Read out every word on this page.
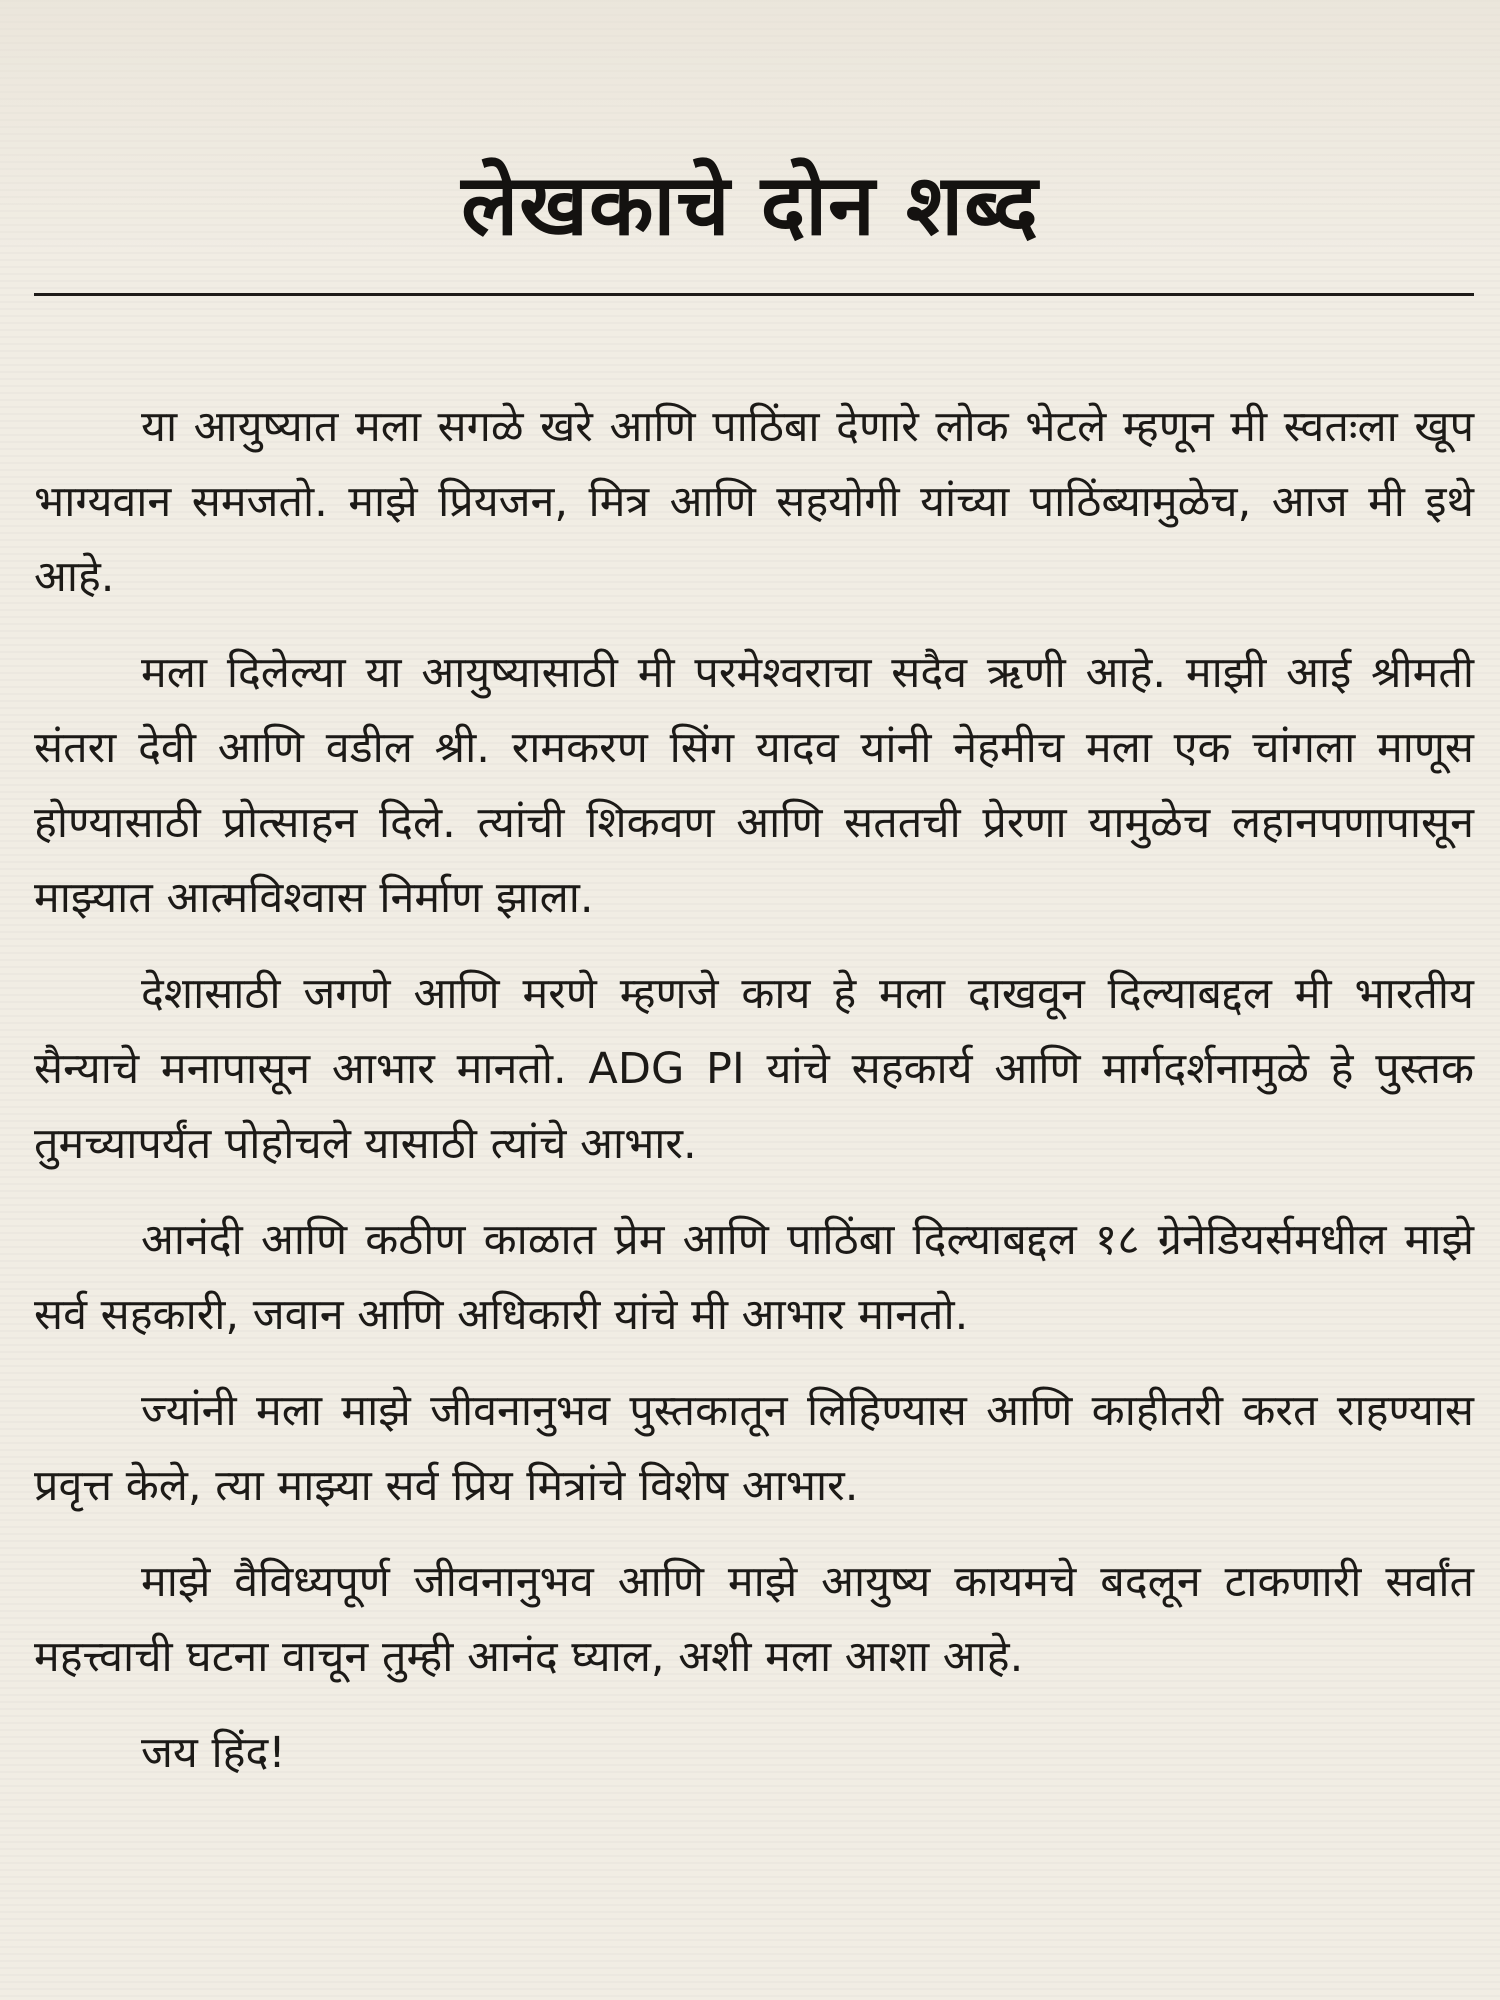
लेखकाचे दोन शब्द

या आयुष्यात मला सगळे खरे आणि पाठिंबा देणारे लोक भेटले म्हणून मी स्वतःला खूप भाग्यवान समजतो. माझे प्रियजन, मित्र आणि सहयोगी यांच्या पाठिंब्यामुळेच, आज मी इथे आहे.

मला दिलेल्या या आयुष्यासाठी मी परमेश्वराचा सदैव ऋणी आहे. माझी आई श्रीमती संतरा देवी आणि वडील श्री. रामकरण सिंग यादव यांनी नेहमीच मला एक चांगला माणूस होण्यासाठी प्रोत्साहन दिले. त्यांची शिकवण आणि सततची प्रेरणा यामुळेच लहानपणापासून माझ्यात आत्मविश्वास निर्माण झाला.

देशासाठी जगणे आणि मरणे म्हणजे काय हे मला दाखवून दिल्याबद्दल मी भारतीय सैन्याचे मनापासून आभार मानतो. ADG PI यांचे सहकार्य आणि मार्गदर्शनामुळे हे पुस्तक तुमच्यापर्यंत पोहोचले यासाठी त्यांचे आभार.

आनंदी आणि कठीण काळात प्रेम आणि पाठिंबा दिल्याबद्दल १८ ग्रेनेडियर्समधील माझे सर्व सहकारी, जवान आणि अधिकारी यांचे मी आभार मानतो.

ज्यांनी मला माझे जीवनानुभव पुस्तकातून लिहिण्यास आणि काहीतरी करत राहण्यास प्रवृत्त केले, त्या माझ्या सर्व प्रिय मित्रांचे विशेष आभार.

माझे वैविध्यपूर्ण जीवनानुभव आणि माझे आयुष्य कायमचे बदलून टाकणारी सर्वांत महत्त्वाची घटना वाचून तुम्ही आनंद घ्याल, अशी मला आशा आहे.

जय हिंद!
